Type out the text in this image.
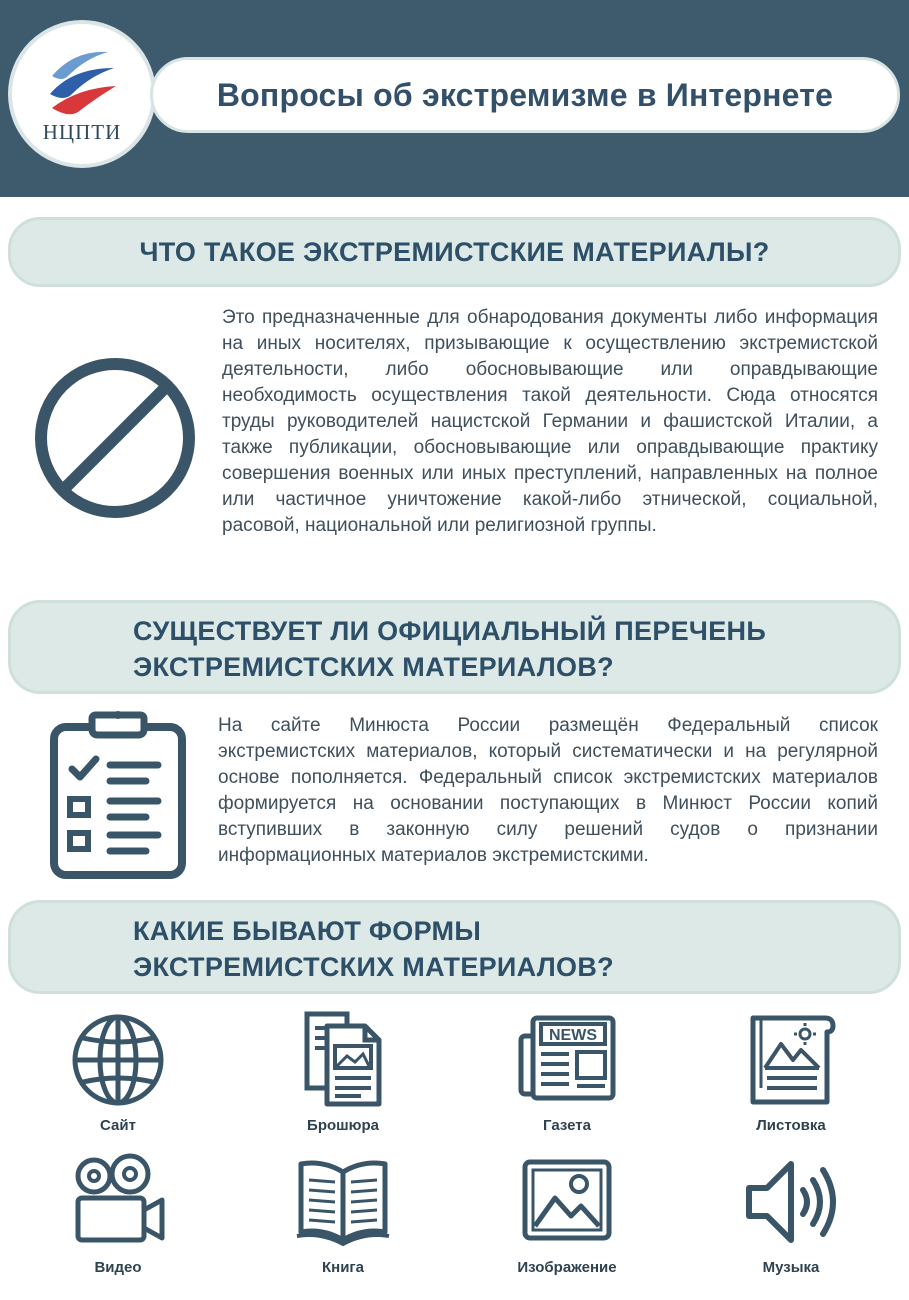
НЦПТИ
Вопросы об экстремизме в Интернете
ЧТО ТАКОЕ ЭКСТРЕМИСТСКИЕ МАТЕРИАЛЫ?

Это предназначенные для обнародования документы либо информация на иных носителях, призывающие к осуществлению экстремистской деятельности, либо обосновывающие или оправдывающие необходимость осуществления такой деятельности. Сюда относятся труды руководителей нацистской Германии и фашистской Италии, а также публикации, обосновывающие или оправдывающие практику совершения военных или иных преступлений, направленных на полное или частичное уничтожение какой-либо этнической, социальной, расовой, национальной или религиозной группы.

СУЩЕСТВУЕТ ЛИ ОФИЦИАЛЬНЫЙ ПЕРЕЧЕНЬ
ЭКСТРЕМИСТСКИХ МАТЕРИАЛОВ?

На сайте Минюста России размещён Федеральный список экстремистских материалов, который систематически и на регулярной основе пополняется. Федеральный список экстремистских материалов формируется на основании поступающих в Минюст России копий вступивших в законную силу решений судов о признании информационных материалов экстремистскими.

КАКИЕ БЫВАЮТ ФОРМЫ
ЭКСТРЕМИСТСКИХ МАТЕРИАЛОВ?
Сайт	Брошюра
NEWS
Газета	Листовка
Видео	Книга	Изображение	Музыка
